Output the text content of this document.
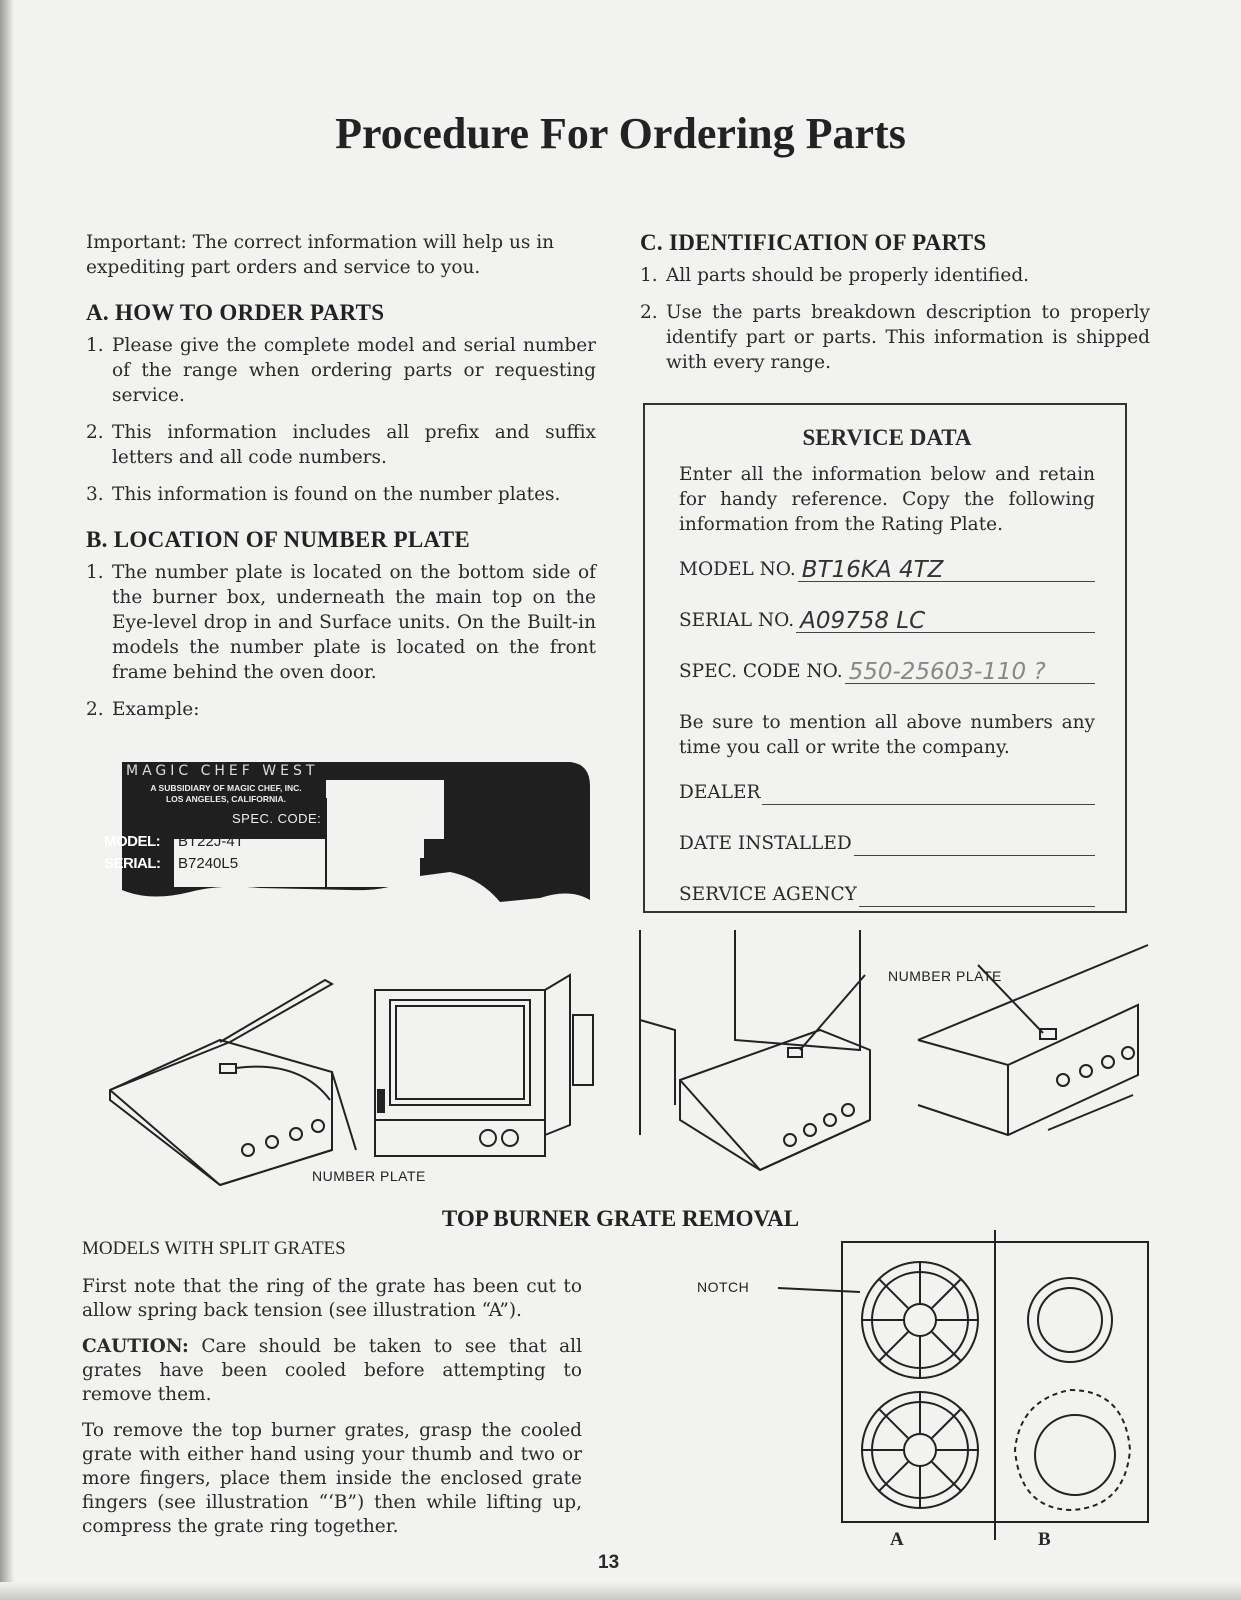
Procedure For Ordering Parts

Important: The correct information will help us in expediting part orders and service to you.

A. HOW TO ORDER PARTS
1. Please give the complete model and serial number of the range when ordering parts or requesting service.
2. This information includes all prefix and suffix letters and all code numbers.
3. This information is found on the number plates.
B. LOCATION OF NUMBER PLATE
1. The number plate is located on the bottom side of the burner box, underneath the main top on the Eye-level drop in and Surface units. On the Built-in models the number plate is located on the front frame behind the oven door.
2. Example:
C. IDENTIFICATION OF PARTS
1. All parts should be properly identified.
2. Use the parts breakdown description to properly identify part or parts. This information is shipped with every range.
SERVICE DATA

Enter all the information below and retain for handy reference. Copy the following information from the Rating Plate.

MODEL NO. BT16KA 4TZ
SERIAL NO. A09758 LC
SPEC. CODE NO. 550-25603-110 ?

Be sure to mention all above numbers any time you call or write the company.

DEALER
DATE INSTALLED
SERVICE AGENCY
MAGIC CHEF WEST
A SUBSIDIARY OF MAGIC CHEF, INC.
LOS ANGELES, CALIFORNIA.
SPEC. CODE:
MODEL: BT22J-4T
SERIAL: B7240L5
NUMBER PLATE
NUMBER PLATE
TOP BURNER GRATE REMOVAL
MODELS WITH SPLIT GRATES

First note that the ring of the grate has been cut to allow spring back tension (see illustration “A”).

CAUTION: Care should be taken to see that all grates have been cooled before attempting to remove them.

To remove the top burner grates, grasp the cooled grate with either hand using your thumb and two or more fingers, place them inside the enclosed grate fingers (see illustration “‘B”) then while lifting up, compress the grate ring together.

NOTCH
A	B
13
